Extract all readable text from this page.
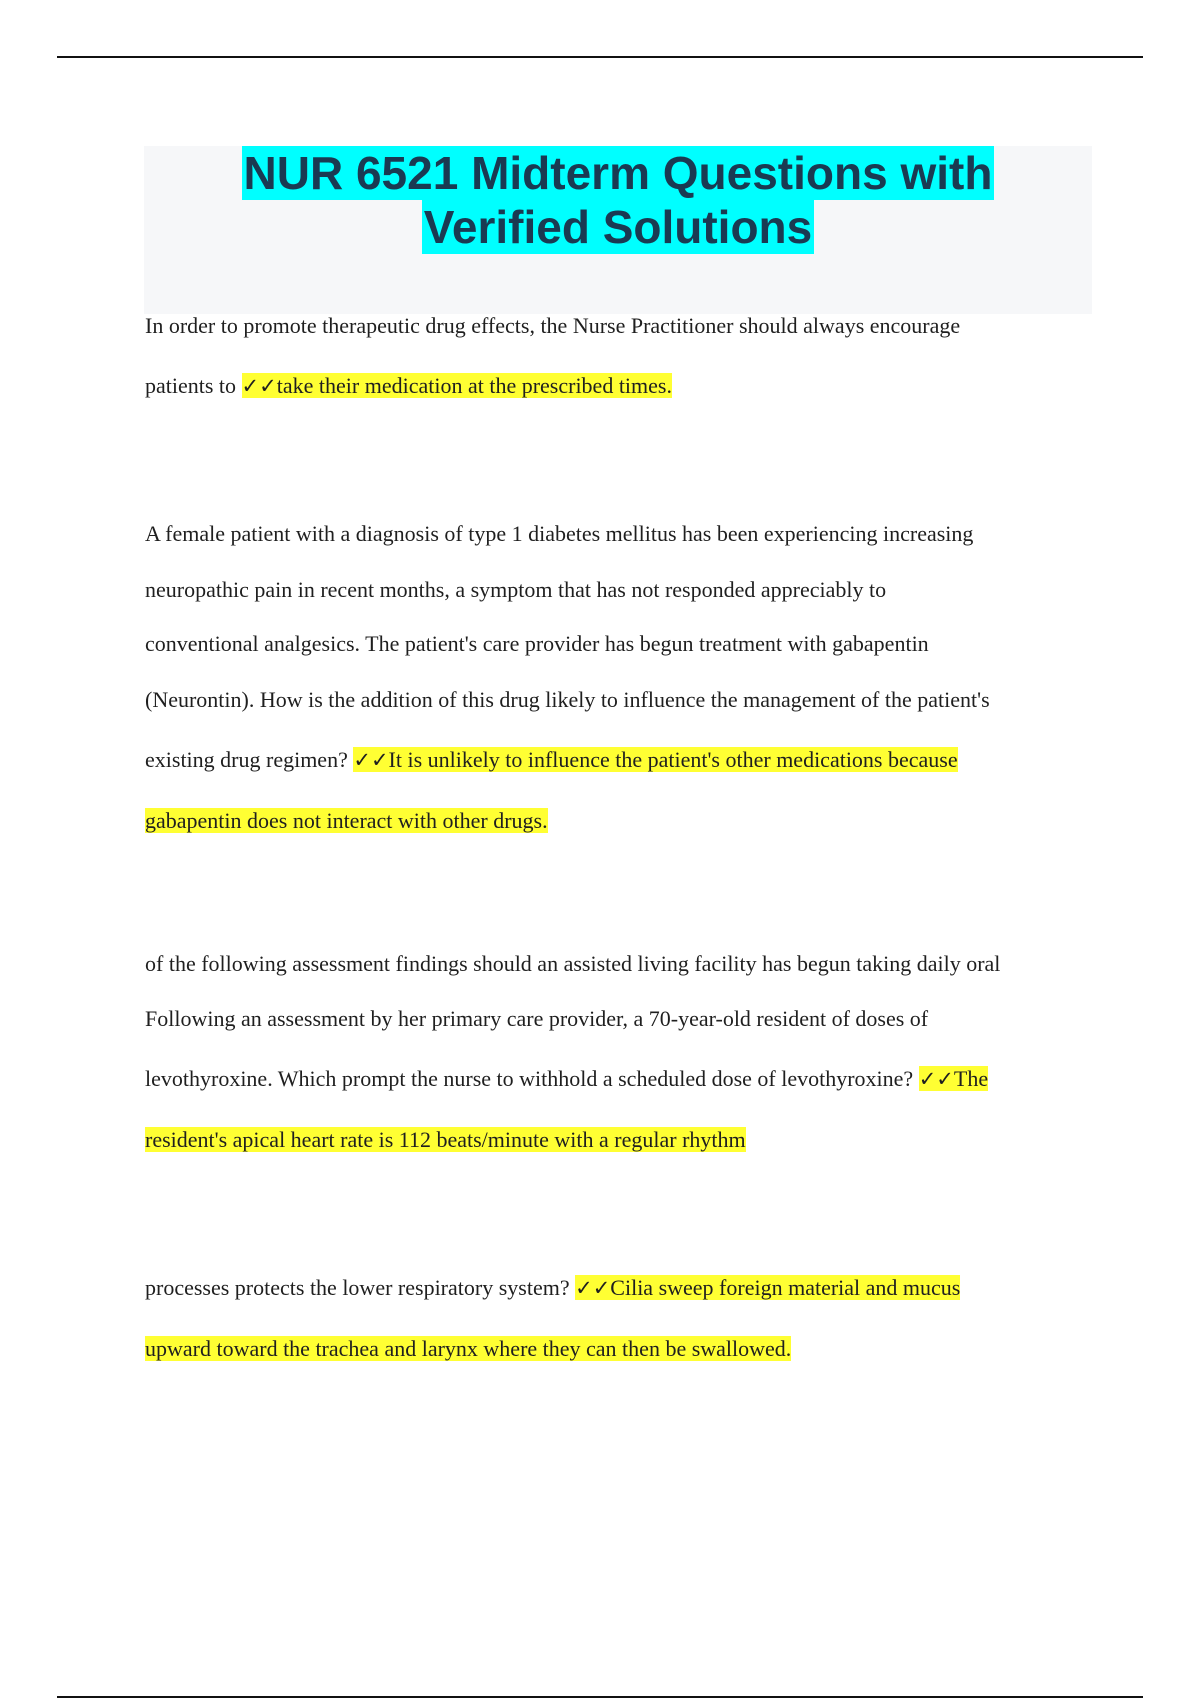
NUR 6521 Midterm Questions with
Verified Solutions
In order to promote therapeutic drug effects, the Nurse Practitioner should always encourage
patients to ✓✓take their medication at the prescribed times.
A female patient with a diagnosis of type 1 diabetes mellitus has been experiencing increasing
neuropathic pain in recent months, a symptom that has not responded appreciably to
conventional analgesics. The patient's care provider has begun treatment with gabapentin
(Neurontin). How is the addition of this drug likely to influence the management of the patient's
existing drug regimen? ✓✓It is unlikely to influence the patient's other medications because
gabapentin does not interact with other drugs.
of the following assessment findings should an assisted living facility has begun taking daily oral
Following an assessment by her primary care provider, a 70-year-old resident of doses of
levothyroxine. Which prompt the nurse to withhold a scheduled dose of levothyroxine? ✓✓The
resident's apical heart rate is 112 beats/minute with a regular rhythm
processes protects the lower respiratory system? ✓✓Cilia sweep foreign material and mucus
upward toward the trachea and larynx where they can then be swallowed.
